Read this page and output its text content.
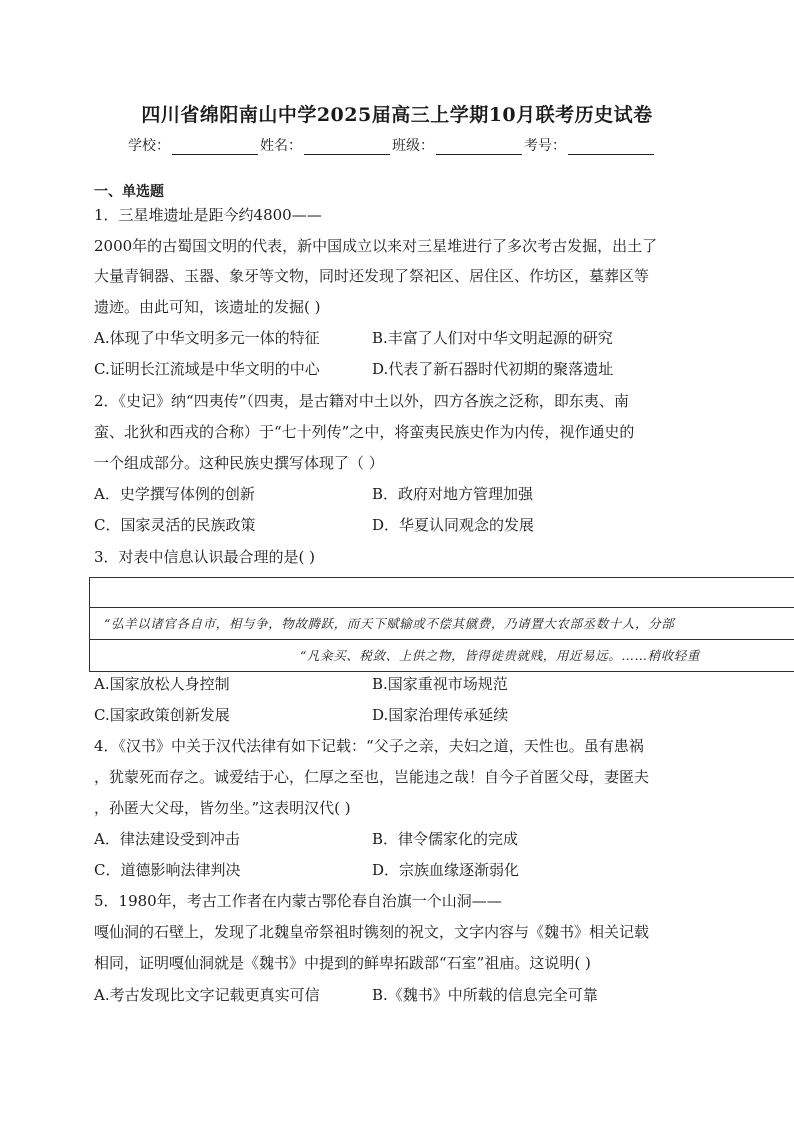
四川省绵阳南山中学2025届高三上学期10月联考历史试卷
学校：	姓名：	班级：	考号：
一、单选题
1．三星堆遗址是距今约4800——
2000年的古蜀国文明的代表，新中国成立以来对三星堆进行了多次考古发掘，出土了
大量青铜器、玉器、象牙等文物，同时还发现了祭祀区、居住区、作坊区，墓葬区等
遗迹。由此可知，该遗址的发掘( )
A.体现了中华文明多元一体的特征	B.丰富了人们对中华文明起源的研究
C.证明长江流域是中华文明的中心	D.代表了新石器时代初期的聚落遗址
2．《史记》纳“四夷传”（四夷，是古籍对中土以外，四方各族之泛称，即东夷、南
蛮、北狄和西戎的合称）于“七十列传”之中，将蛮夷民族史作为内传，视作通史的
一个组成部分。这种民族史撰写体现了（ ）
A．史学撰写体例的创新	B．政府对地方管理加强
C．国家灵活的民族政策	D．华夏认同观念的发展
3．对表中信息认识最合理的是( )
“弘羊以诸官各自市，相与争，物故腾跃，而天下赋输或不偿其僦费，乃请置大农部丞数十人，分部
“凡籴买、税敛、上供之物，皆得徙贵就贱，用近易远。……稍收轻重
A.国家放松人身控制	B.国家重视市场规范
C.国家政策创新发展	D.国家治理传承延续
4．《汉书》中关于汉代法律有如下记载：“父子之亲，夫妇之道，天性也。虽有患祸
，犹蒙死而存之。诚爱结于心，仁厚之至也，岂能违之哉！自今子首匿父母，妻匿夫
，孙匿大父母，皆勿坐。”这表明汉代( )
A．律法建设受到冲击	B．律令儒家化的完成
C．道德影响法律判决	D．宗族血缘逐渐弱化
5．1980年，考古工作者在内蒙古鄂伦春自治旗一个山洞——
嘎仙洞的石壁上，发现了北魏皇帝祭祖时镌刻的祝文，文字内容与《魏书》相关记载
相同，证明嘎仙洞就是《魏书》中提到的鲜卑拓跋部“石室”祖庙。这说明( )
A.考古发现比文字记载更真实可信	B.《魏书》中所载的信息完全可靠
